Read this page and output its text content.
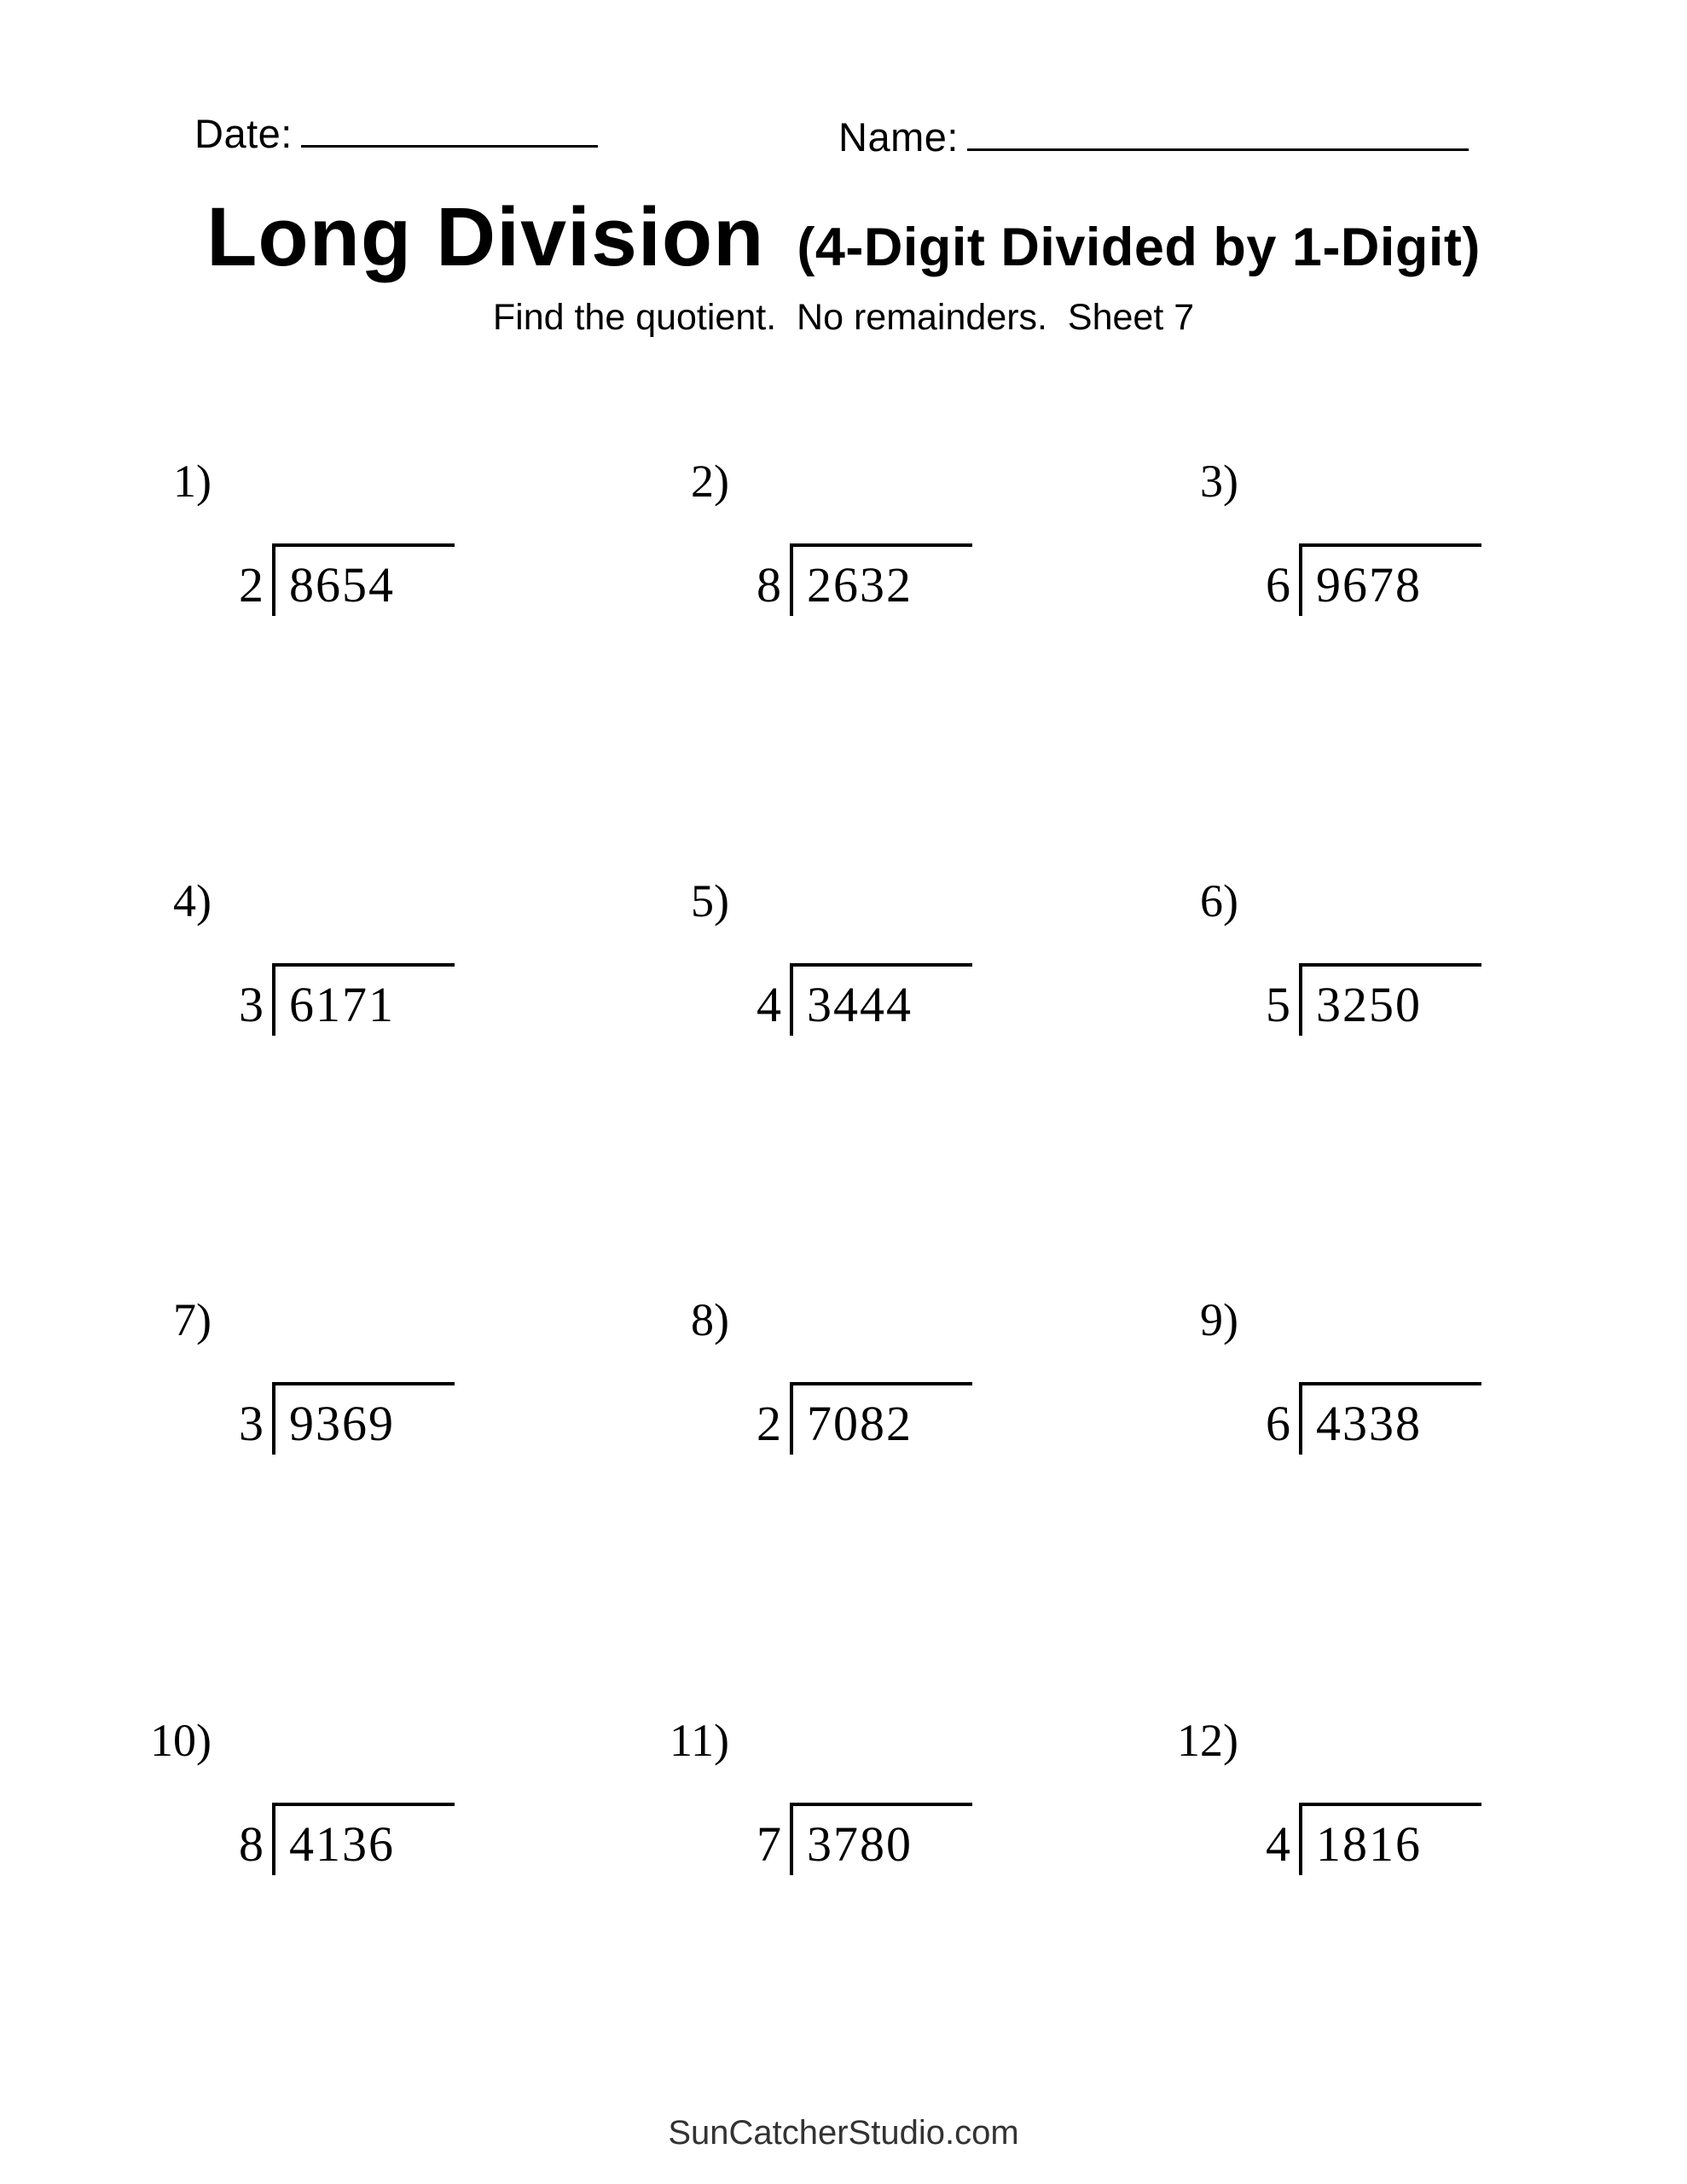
Date:	Name:
Long Division (4-Digit Divided by 1-Digit)
Find the quotient.  No remainders.  Sheet 7
1)
2 8654
2)
8 2632
3)
6 9678
4)
3 6171
5)
4 3444
6)
5 3250
7)
3 9369
8)
2 7082
9)
6 4338
10)
8 4136
11)
7 3780
12)
4 1816
SunCatcherStudio.com
